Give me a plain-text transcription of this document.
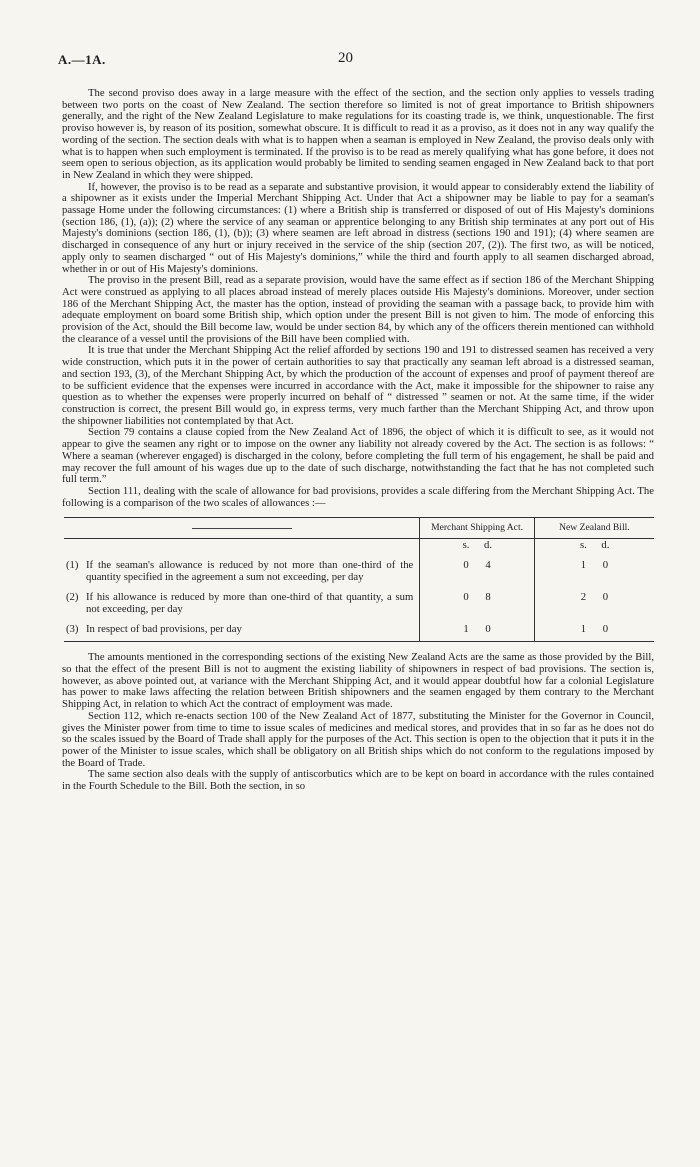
A.—1A.	20

The second proviso does away in a large measure with the effect of the section, and the section only applies to vessels trading between two ports on the coast of New Zealand. The section therefore so limited is not of great importance to British shipowners generally, and the right of the New Zealand Legislature to make regulations for its coasting trade is, we think, unquestionable. The first proviso however is, by reason of its position, somewhat obscure. It is difficult to read it as a proviso, as it does not in any way qualify the wording of the section. The section deals with what is to happen when a seaman is employed in New Zealand, the proviso deals only with what is to happen when such employment is terminated. If the proviso is to be read as merely qualifying what has gone before, it does not seem open to serious objection, as its application would probably be limited to sending seamen engaged in New Zealand back to that port in New Zealand in which they were shipped.

If, however, the proviso is to be read as a separate and substantive provision, it would appear to considerably extend the liability of a shipowner as it exists under the Imperial Merchant Shipping Act. Under that Act a shipowner may be liable to pay for a seaman's passage Home under the following circumstances: (1) where a British ship is transferred or disposed of out of His Majesty's dominions (section 186, (1), (a)); (2) where the service of any seaman or apprentice belonging to any British ship terminates at any port out of His Majesty's dominions (section 186, (1), (b)); (3) where seamen are left abroad in distress (sections 190 and 191); (4) where seamen are discharged in consequence of any hurt or injury received in the service of the ship (section 207, (2)). The first two, as will be noticed, apply only to seamen discharged “ out of His Majesty's dominions,” while the third and fourth apply to all seamen discharged abroad, whether in or out of His Majesty's dominions.

The proviso in the present Bill, read as a separate provision, would have the same effect as if section 186 of the Merchant Shipping Act were construed as applying to all places abroad instead of merely places outside His Majesty's dominions. Moreover, under section 186 of the Merchant Shipping Act, the master has the option, instead of providing the seaman with a passage back, to provide him with adequate employment on board some British ship, which option under the present Bill is not given to him. The mode of enforcing this provision of the Act, should the Bill become law, would be under section 84, by which any of the officers therein mentioned can withhold the clearance of a vessel until the provisions of the Bill have been complied with.

It is true that under the Merchant Shipping Act the relief afforded by sections 190 and 191 to distressed seamen has received a very wide construction, which puts it in the power of certain authorities to say that practically any seaman left abroad is a distressed seaman, and section 193, (3), of the Merchant Shipping Act, by which the production of the account of expenses and proof of payment thereof are to be sufficient evidence that the expenses were incurred in accordance with the Act, make it impossible for the shipowner to raise any question as to whether the expenses were properly incurred on behalf of “ distressed ” seamen or not. At the same time, if the wider construction is correct, the present Bill would go, in express terms, very much farther than the Merchant Shipping Act, and throw upon the shipowner liabilities not contemplated by that Act.

Section 79 contains a clause copied from the New Zealand Act of 1896, the object of which it is difficult to see, as it would not appear to give the seamen any right or to impose on the owner any liability not already covered by the Act. The section is as follows: “ Where a seaman (wherever engaged) is discharged in the colony, before completing the full term of his engagement, he shall be paid and may recover the full amount of his wages due up to the date of such discharge, notwithstanding the fact that he has not completed such full term.”

Section 111, dealing with the scale of allowance for bad provisions, provides a scale differing from the Merchant Shipping Act. The following is a comparison of the two scales of allowances :—

	Merchant Shipping Act.	New Zealand Bill.

	s. d.	s. d.

(1) If the seaman's allowance is reduced by not more than one-third of the quantity specified in the agreement a sum not exceeding, per day	0 4	1 0

(2) If his allowance is reduced by more than one-third of that quantity, a sum not exceeding, per day	0 8	2 0

(3) In respect of bad provisions, per day	1 0	1 0

The amounts mentioned in the corresponding sections of the existing New Zealand Acts are the same as those provided by the Bill, so that the effect of the present Bill is not to augment the existing liability of shipowners in respect of bad provisions. The section is, however, as above pointed out, at variance with the Merchant Shipping Act, and it would appear doubtful how far a colonial Legislature has power to make laws affecting the relation between British shipowners and the seamen engaged by them contrary to the Merchant Shipping Act, in relation to which Act the contract of employment was made.

Section 112, which re-enacts section 100 of the New Zealand Act of 1877, substituting the Minister for the Governor in Council, gives the Minister power from time to time to issue scales of medicines and medical stores, and provides that in so far as he does not do so the scales issued by the Board of Trade shall apply for the purposes of the Act. This section is open to the objection that it puts it in the power of the Minister to issue scales, which shall be obligatory on all British ships which do not conform to the regulations imposed by the Board of Trade.

The same section also deals with the supply of antiscorbutics which are to be kept on board in accordance with the rules contained in the Fourth Schedule to the Bill. Both the section, in so
